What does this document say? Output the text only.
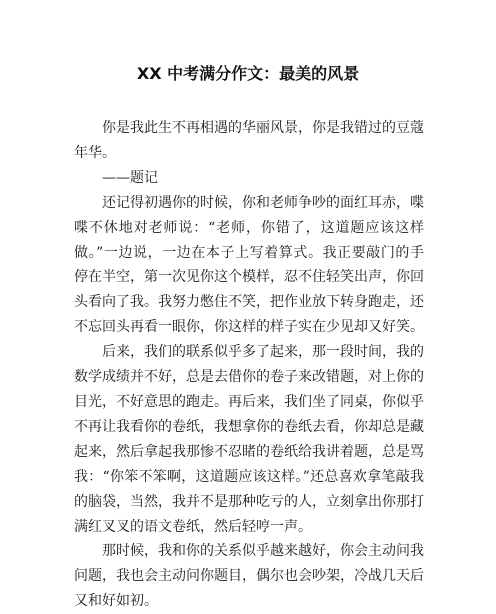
XX 中考满分作文：最美的风景

你是我此生不再相遇的华丽风景，你是我错过的豆蔻年华。

——题记

还记得初遇你的时候，你和老师争吵的面红耳赤，喋喋不休地对老师说：“老师，你错了，这道题应该这样做。”一边说，一边在本子上写着算式。我正要敲门的手停在半空，第一次见你这个模样，忍不住轻笑出声，你回头看向了我。我努力憋住不笑，把作业放下转身跑走，还不忘回头再看一眼你，你这样的样子实在少见却又好笑。

后来，我们的联系似乎多了起来，那一段时间，我的数学成绩并不好，总是去借你的卷子来改错题，对上你的目光，不好意思的跑走。再后来，我们坐了同桌，你似乎不再让我看你的卷纸，我想拿你的卷纸去看，你却总是藏起来，然后拿起我那惨不忍睹的卷纸给我讲着题，总是骂我：“你笨不笨啊，这道题应该这样。”还总喜欢拿笔敲我的脑袋，当然，我并不是那种吃亏的人，立刻拿出你那打满红叉叉的语文卷纸，然后轻哼一声。

那时候，我和你的关系似乎越来越好，你会主动问我问题，我也会主动问你题目，偶尔也会吵架，冷战几天后又和好如初。
